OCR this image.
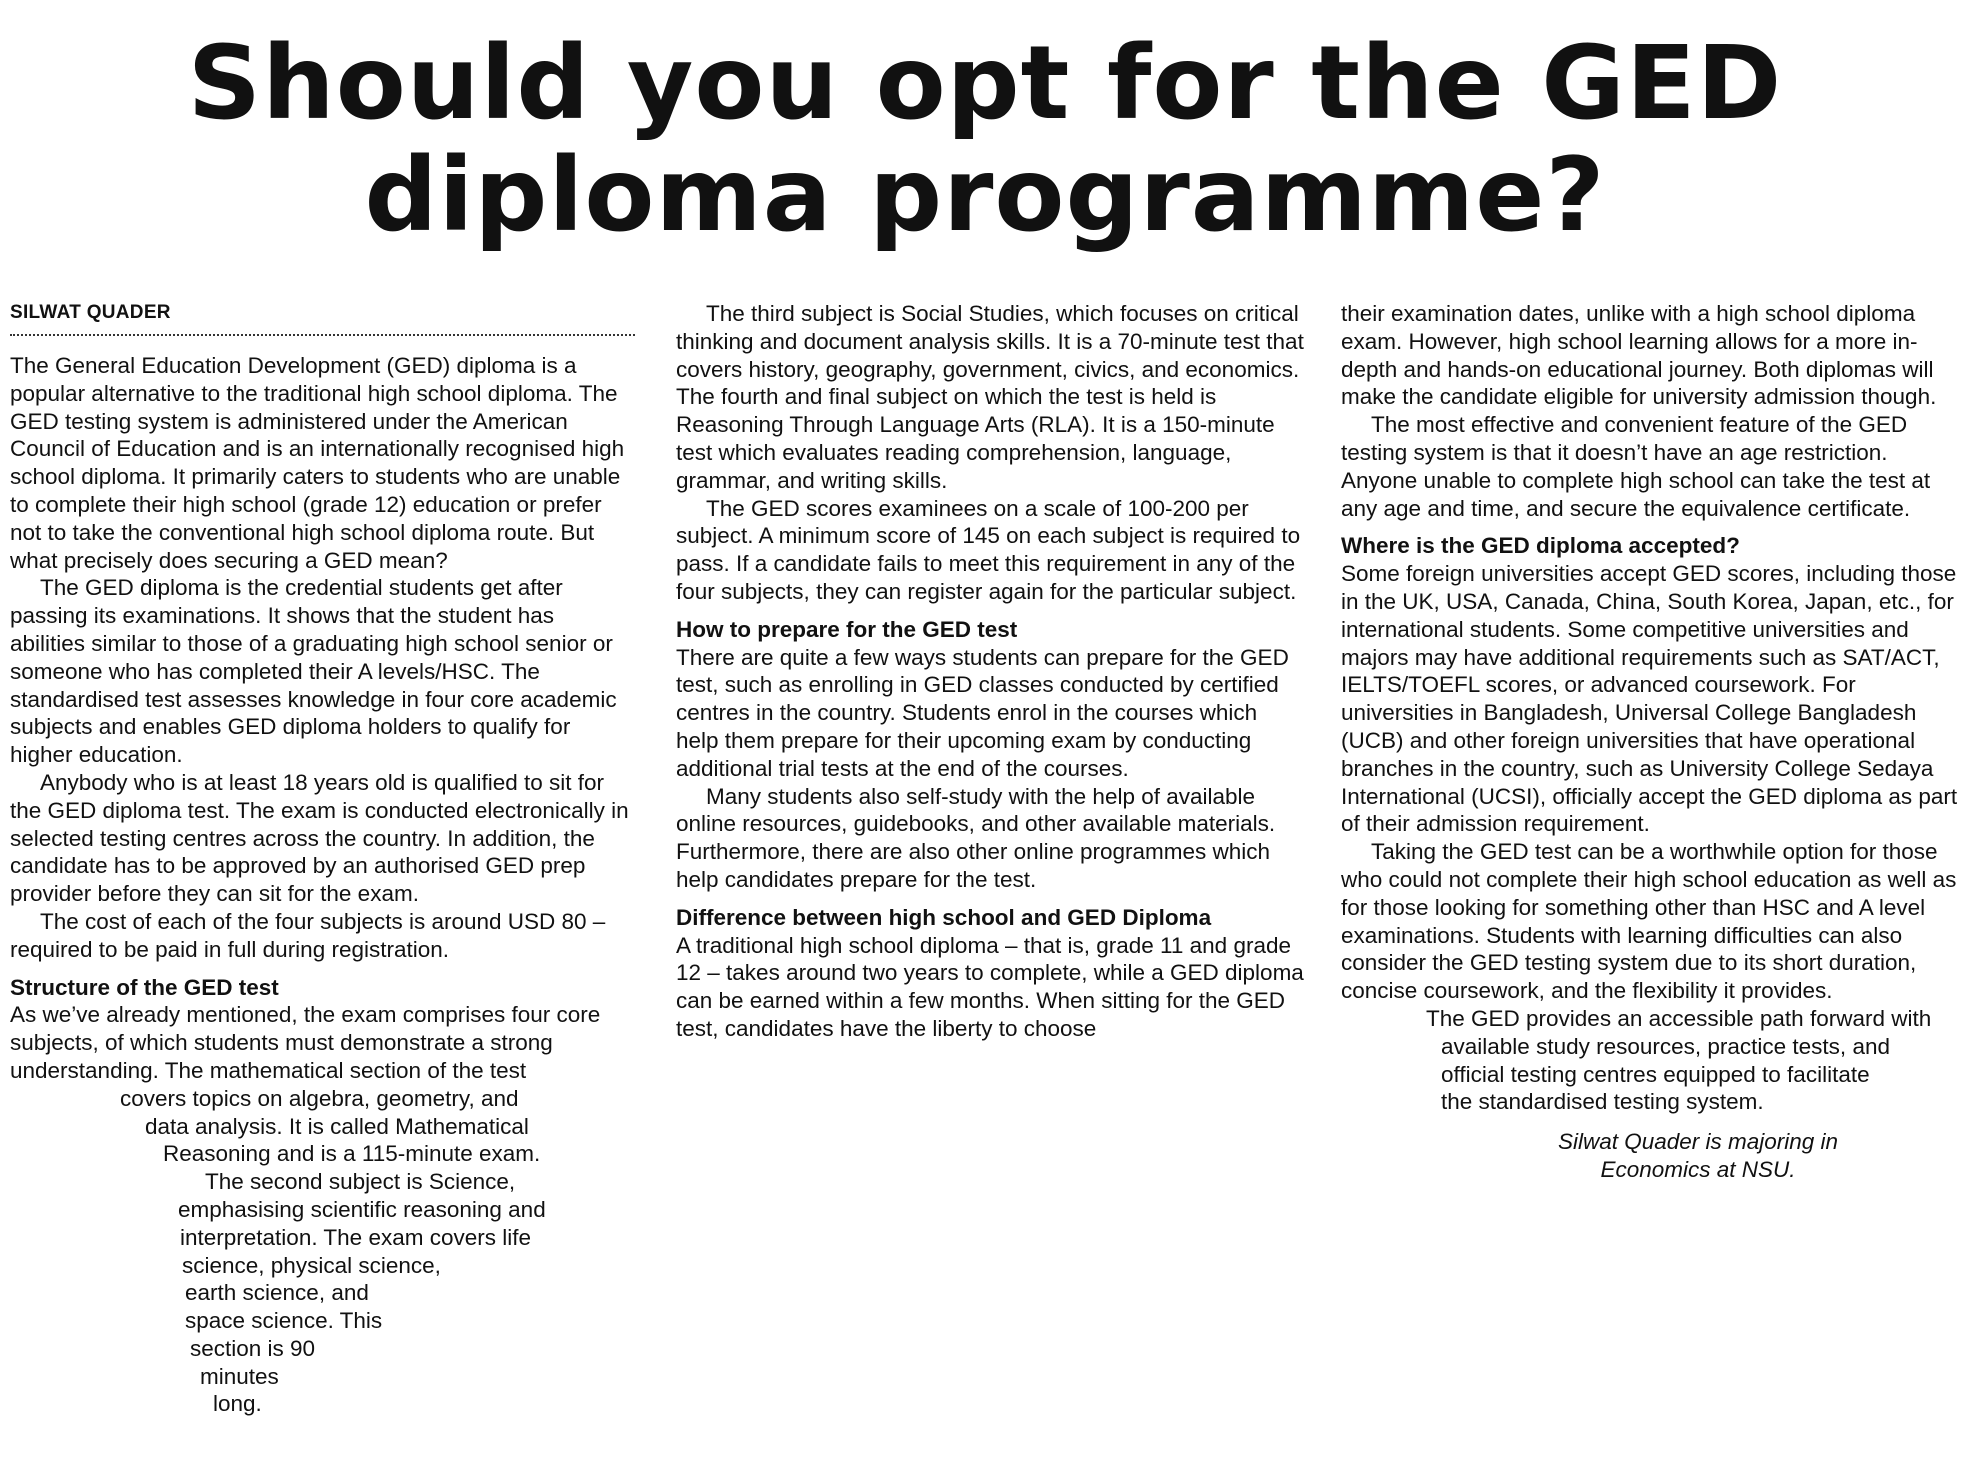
Should you opt for the GED
diploma programme?
SILWAT QUADER

The General Education Development (GED) diploma is a popular alternative to the traditional high school diploma. The GED testing system is administered under the American Council of Education and is an internationally recognised high school diploma. It primarily caters to students who are unable to complete their high school (grade 12) education or prefer not to take the conventional high school diploma route. But what precisely does securing a GED mean?

The GED diploma is the credential students get after passing its examinations. It shows that the student has abilities similar to those of a graduating high school senior or someone who has completed their A levels/HSC. The standardised test assesses knowledge in four core academic subjects and enables GED diploma holders to qualify for higher education.

Anybody who is at least 18 years old is qualified to sit for the GED diploma test. The exam is conducted electronically in selected testing centres across the country. In addition, the candidate has to be approved by an authorised GED prep provider before they can sit for the exam.

The cost of each of the four subjects is around USD 80 – required to be paid in full during registration.

Structure of the GED test

As we’ve already mentioned, the exam comprises four core subjects, of which students must demonstrate a strong understanding. The mathematical section of the test

covers topics on algebra, geometry, and
data analysis. It is called Mathematical
Reasoning and is a 115-minute exam.
The second subject is Science,
emphasising scientific reasoning and
interpretation. The exam covers life
science, physical science,
earth science, and
space science. This
section is 90
minutes
long.

The third subject is Social Studies, which focuses on critical thinking and document analysis skills. It is a 70-minute test that covers history, geography, government, civics, and economics. The fourth and final subject on which the test is held is Reasoning Through Language Arts (RLA). It is a 150-minute test which evaluates reading comprehension, language, grammar, and writing skills.

The GED scores examinees on a scale of 100-200 per subject. A minimum score of 145 on each subject is required to pass. If a candidate fails to meet this requirement in any of the four subjects, they can register again for the particular subject.

How to prepare for the GED test

There are quite a few ways students can prepare for the GED test, such as enrolling in GED classes conducted by certified centres in the country. Students enrol in the courses which help them prepare for their upcoming exam by conducting additional trial tests at the end of the courses.

Many students also self-study with the help of available online resources, guidebooks, and other available materials. Furthermore, there are also other online programmes which help candidates prepare for the test.

Difference between high school and GED Diploma

A traditional high school diploma – that is, grade 11 and grade 12 – takes around two years to complete, while a GED diploma can be earned within a few months. When sitting for the GED test, candidates have the liberty to choose

their examination dates, unlike with a high school diploma exam. However, high school learning allows for a more in-depth and hands-on educational journey. Both diplomas will make the candidate eligible for university admission though.

The most effective and convenient feature of the GED testing system is that it doesn’t have an age restriction. Anyone unable to complete high school can take the test at any age and time, and secure the equivalence certificate.

Where is the GED diploma accepted?

Some foreign universities accept GED scores, including those in the UK, USA, Canada, China, South Korea, Japan, etc., for international students. Some competitive universities and majors may have additional requirements such as SAT/ACT, IELTS/TOEFL scores, or advanced coursework. For universities in Bangladesh, Universal College Bangladesh (UCB) and other foreign universities that have operational branches in the country, such as University College Sedaya International (UCSI), officially accept the GED diploma as part of their admission requirement.

Taking the GED test can be a worthwhile option for those who could not complete their high school education as well as for those looking for something other than HSC and A level examinations. Students with learning difficulties can also consider the GED testing system due to its short duration, concise coursework, and the flexibility it provides.

The GED provides an accessible path forward with
available study resources, practice tests, and
official testing centres equipped to facilitate
the standardised testing system.
Silwat Quader is majoring in
Economics at NSU.
